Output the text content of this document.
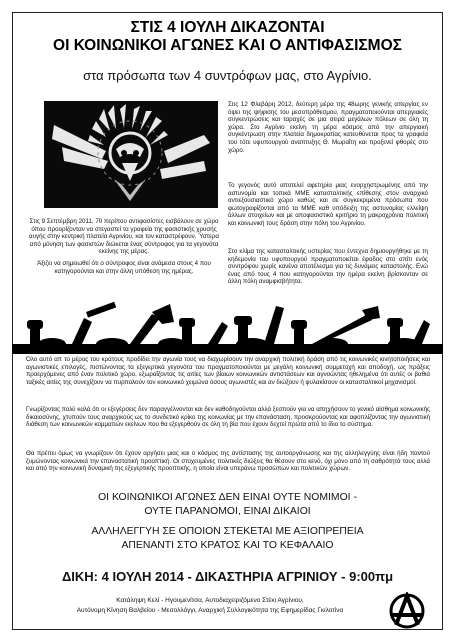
ΣΤΙΣ 4 ΙΟΥΛΗ ΔΙΚΑΖΟΝΤΑΙ
ΟΙ ΚΟΙΝΩΝΙΚΟΙ ΑΓΩΝΕΣ ΚΑΙ Ο ΑΝΤΙΦΑΣΙΣΜΟΣ
στα πρόσωπα των 4 συντρόφων μας, στο Αγρίνιο.
Στις 9 Σεπτέμβρη 2011, 70 περίπου αντιφασίστες εισβάλουν σε χώρο όπου προορίζονταν να στεγαστεί τα γραφεία της φασιστικής χρυσής αυγής στην κεντρική πλατεία Αγρινίου, και τον καταστρέφουν. Ύστερα από μόνηση των φασιστών διώκεται ένας σύντροφος για τα γεγονότα εκείνης της μέρας.
Άξιζει να σημειωθεί ότι ο σύντροφος είναι ανάμεσα στους 4 που κατηγορούνται και στην άλλη υπόθεση της ημέρας.
Στις 12 Φλεβάρη 2012, δεύτερη μέρα της 48ωρης γενικής απεργίας εν όψει της ψήφισης του μεσοπρόθεσμου, πραγματοποιούνται απεργιακές συγκεντρώσεις και ταραχές σε μια σειρά μεγάλων πόλεων σε όλη τη χώρα. Στο Αγρίνιο εκείνη τη μέρα κόσμος από την απεργιακή συγκέντρωση στην πλατεία δημοκρατίας κατευθύνεται προς τα γραφεία του τότε υφυπουργού αναπτυξης Θ. Μωραΐτη και προξενεί φθορές στο χώρο.
Το γεγονός αυτό αποτελεί αφετηρία μιας ενορχηστρωμένης από την αστυνομία και τοπικά ΜΜΕ κατασταλτικής επίθεσης στον αναρχικό αντιεξουσιαστικό χώρο καθώς και σε συγκεκριμένα πρόσωπα που φωτογραφίζονται από τα ΜΜΕ καθ υπόδειξη της αστυνομίας ελλείψη άλλων στοιχείων και με αποφασιστικό κριτήριο τη μακροχρόνια πολιτική και κοινωνική τους δράση στην πόλη του Αγρινίου.
Στο κλίμα της κατασταλτικής υστερίας που έντεχνα δημιουργήθηκε με τη κηδεμονία του υφυπουργού πραγματοποιείται έφοδος στο σπίτι ενός συντρόφου χωρίς κανένα αποτέλεσμα για τις δυνάμεις καταστολής. Ενώ ένας από τους 4 που κατηγορούνται την ημέρα εκείνη βρίσκονταν σε άλλη πόλη αναμφισβήτητα.
Όλο αυτό απ το μέρος του κράτους προδίδει την αγωνία τους να διαχωρίσουν την αναρχική πολιτική δράση από τις κοινωνικές κινητοποιήσεις και αγωνιστικές επιλογές, πιστώνοντας τα εξεγερτικά γεγονότα του πραγματοποιούνται με μεγάλη κοινωνική συμμετοχή και αποδοχή, ως πράξεις προερχόμενες από έναν πολιτικό χώρο, εξωραΐζοντας τις αιτίες των βίαιων κοινωνικών αντιστάσεων και αγνοώντας ηθελημένα ότι αυτές οι βαθιά ταξικές αιτίες της συνεχίζουν να πυρπολούν τον κοινωνικό χειμώνα όσους αγωνιστές και αν διώξουν ή φυλακίσουν οι κατασταλτικοί μηχανισμοί.
Γνωρίζοντας πολύ καλά ότι οι εξεγέρσεις δεν παραγγέλνονται και δεν καθοδηγούνται αλλά ξεσπούν για να απηχήσουν το γενικό αίσθημα κοινωνικής δικαιοσύνης, χτυπούν τους αναρχικούς ως το συνδετικό κρίκο της κοινωνίας με την επανάσταση, προσκρούοντας και αφοπλίζοντας την αγωνιστική διάθεση των κοινωνικών κομματιών εκείνων που θα εξεγερθούν σε όλη τη βία που έχουν δεχτεί πρώτα από το ίδιο το σύστημα.
Θα πρέπει όμως να γνωρίζουν ότι έχουν αργήσει μιας και ο κόσμος της αντίστασης της αυτοοργάνωσης και της αλληλεγγύης είναι ήδη παντού ζυμώνοντας κοινωνικά την επαναστατική προοπτική. Οι στοχευμένες πολιτικές διώξεις θα θέσουν στο κενό, όχι μόνο από τη σαθρότητά τους αλλά και από την κοινωνική δυναμική της εξεγερτικής προοπτικής, η οποία είναι υπεράνω προσώπων και πολιτικών χώρων.
ΟΙ ΚΟΙΝΩΝΙΚΟΙ ΑΓΩΝΕΣ ΔΕΝ ΕΙΝΑΙ ΟΥΤΕ ΝΟΜΙΜΟΙ -
ΟΥΤΕ ΠΑΡΑΝΟΜΟΙ, ΕΙΝΑΙ ΔΙΚΑΙΟΙ
ΑΛΛΗΛΕΓΓΥΗ ΣΕ ΟΠΟΙΟΝ ΣΤΕΚΕΤΑΙ ΜΕ ΑΞΙΟΠΡΕΠΕΙΑ
ΑΠΕΝΑΝΤΙ ΣΤΟ ΚΡΑΤΟΣ ΚΑΙ ΤΟ ΚΕΦΑΛΑΙΟ
ΔΙΚΗ: 4 ΙΟΥΛΗ 2014 - ΔΙΚΑΣΤΗΡΙΑ ΑΓΡΙΝΙΟΥ - 9:00πμ
Κατάληψη Κελί - Ηγουμενίτσα, Αυτοδιαχειριζόμενο Στέκι Αγρίνιου,
Αυτόνομη Κίνηση Βαλβείου - Μεσολλόγγι, Αναρχική Συλλογικότητα της Εφημερίδας Γκιλοτίνα
